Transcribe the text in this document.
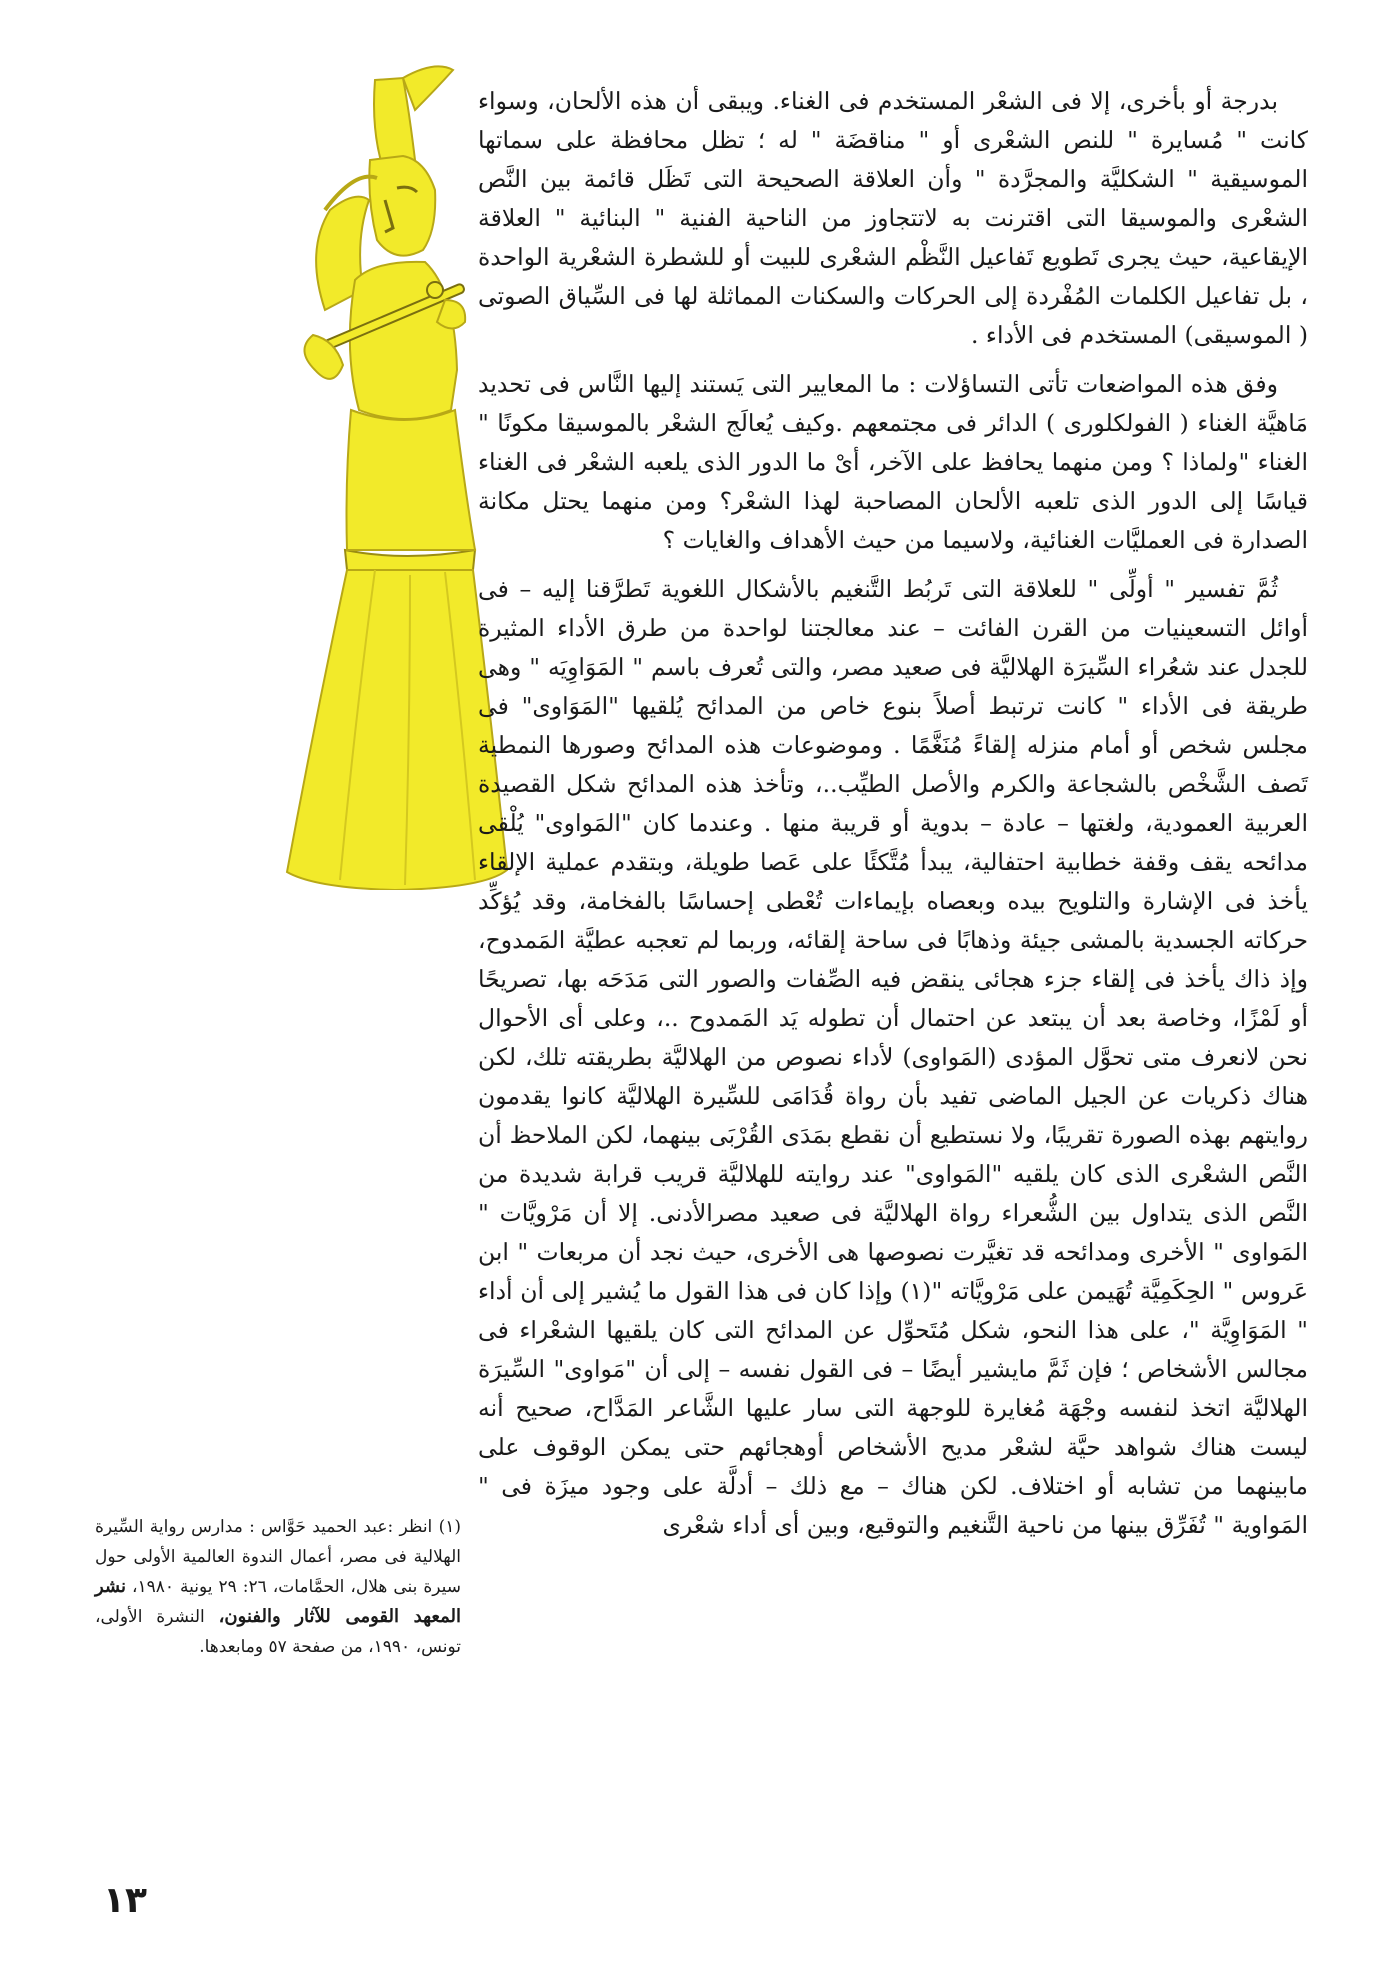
بدرجة أو بأخرى، إلا فى الشعْر المستخدم فى الغناء. ويبقى أن هذه الألحان، وسواء كانت " مُسايرة " للنص الشعْرى أو " مناقضَة " له ؛ تظل محافظة على سماتها الموسيقية " الشكليَّة والمجرَّدة " وأن العلاقة الصحيحة التى تَظَل قائمة بين النَّص الشعْرى والموسيقا التى اقترنت به لاتتجاوز من الناحية الفنية " البنائية " العلاقة الإيقاعية، حيث يجرى تَطويع تَفاعيل النَّظْم الشعْرى للبيت أو للشطرة الشعْرية الواحدة ، بل تفاعيل الكلمات المُفْردة إلى الحركات والسكنات المماثلة لها فى السِّياق الصوتى ( الموسيقى) المستخدم فى الأداء .

وفق هذه المواضعات تأتى التساؤلات : ما المعايير التى يَستند إليها النَّاس فى تحديد مَاهيَّة الغناء ( الفولكلورى ) الدائر فى مجتمعهم .وكيف يُعالَج الشعْر بالموسيقا مكونًا " الغناء "ولماذا ؟ ومن منهما يحافظ على الآخر، أىْ ما الدور الذى يلعبه الشعْر فى الغناء قياسًا إلى الدور الذى تلعبه الألحان المصاحبة لهذا الشعْر؟ ومن منهما يحتل مكانة الصدارة فى العمليَّات الغنائية، ولاسيما من حيث الأهداف والغايات ؟

ثُمَّ تفسير " أولِّى " للعلاقة التى تَربُط التَّنغيم بالأشكال اللغوية تَطرَّقنا إليه – فى أوائل التسعينيات من القرن الفائت – عند معالجتنا لواحدة من طرق الأداء المثيرة للجدل عند شعُراء السِّيرَة الهلاليَّة فى صعيد مصر، والتى تُعرف باسم " المَوَاوِيَه " وهى طريقة فى الأداء " كانت ترتبط أصلاً بنوع خاص من المدائح يُلقيها "المَوَاوى" فى مجلس شخص أو أمام منزله إلقاءً مُنَغَّمًا . وموضوعات هذه المدائح وصورها النمطية تَصف الشَّخْص بالشجاعة والكرم والأصل الطيِّب..، وتأخذ هذه المدائح شكل القصيدة العربية العمودية، ولغتها – عادة – بدوية أو قريبة منها . وعندما كان "المَواوى" يُلْقى مدائحه يقف وقفة خطابية احتفالية، يبدأ مُتَّكئًا على عَصا طويلة، وبتقدم عملية الإلقاء يأخذ فى الإشارة والتلويح بيده وبعصاه بإيماءات تُعْطى إحساسًا بالفخامة، وقد يُؤكِّد حركاته الجسدية بالمشى جيئة وذهابًا فى ساحة إلقائه، وربما لم تعجبه عطيَّة المَمدوح، وإذ ذاك يأخذ فى إلقاء جزء هجائى ينقض فيه الصِّفات والصور التى مَدَحَه بها، تصريحًا أو لَمْزًا، وخاصة بعد أن يبتعد عن احتمال أن تطوله يَد المَمدوح ..، وعلى أى الأحوال نحن لانعرف متى تحوَّل المؤدى (المَواوى) لأداء نصوص من الهلاليَّة بطريقته تلك، لكن هناك ذكريات عن الجيل الماضى تفيد بأن رواة قُدَامَى للسِّيرة الهلاليَّة كانوا يقدمون روايتهم بهذه الصورة تقريبًا، ولا نستطيع أن نقطع بمَدَى القُرْبَى بينهما، لكن الملاحظ أن النَّص الشعْرى الذى كان يلقيه "المَواوى" عند روايته للهلاليَّة قريب قرابة شديدة من النَّص الذى يتداول بين الشُّعراء رواة الهلاليَّة فى صعيد مصرالأدنى. إلا أن مَرْويَّات " المَواوى " الأخرى ومدائحه قد تغيَّرت نصوصها هى الأخرى، حيث نجد أن مربعات " ابن عَروس " الحِكَمِيَّة تُهَيمن على مَرْويَّاته "(١) وإذا كان فى هذا القول ما يُشير إلى أن أداء " المَوَاوِيَّة "، على هذا النحو، شكل مُتَحوِّل عن المدائح التى كان يلقيها الشعْراء فى مجالس الأشخاص ؛ فإن ثَمَّ مايشير أيضًا – فى القول نفسه – إلى أن "مَواوى" السِّيرَة الهلاليَّة اتخذ لنفسه وجْهَة مُغايرة للوجهة التى سار عليها الشَّاعر المَدَّاح، صحيح أنه ليست هناك شواهد حيَّة لشعْر مديح الأشخاص أوهجائهم حتى يمكن الوقوف على مابينهما من تشابه أو اختلاف. لكن هناك – مع ذلك – أدلَّة على وجود ميزَة فى " المَواوية " تُفَرِّق بينها من ناحية التَّنغيم والتوقيع، وبين أى أداء شعْرى

(١) انظر :عبد الحميد حَوَّاس : مدارس رواية السِّيرة الهلالية فى مصر، أعمال الندوة العالمية الأولى حول سيرة بنى هلال، الحمَّامات، ٢٦: ٢٩ يونية ١٩٨٠، نشر المعهد القومى للآثار والفنون، النشرة الأولى، تونس، ١٩٩٠، من صفحة ٥٧ ومابعدها.
١٣
